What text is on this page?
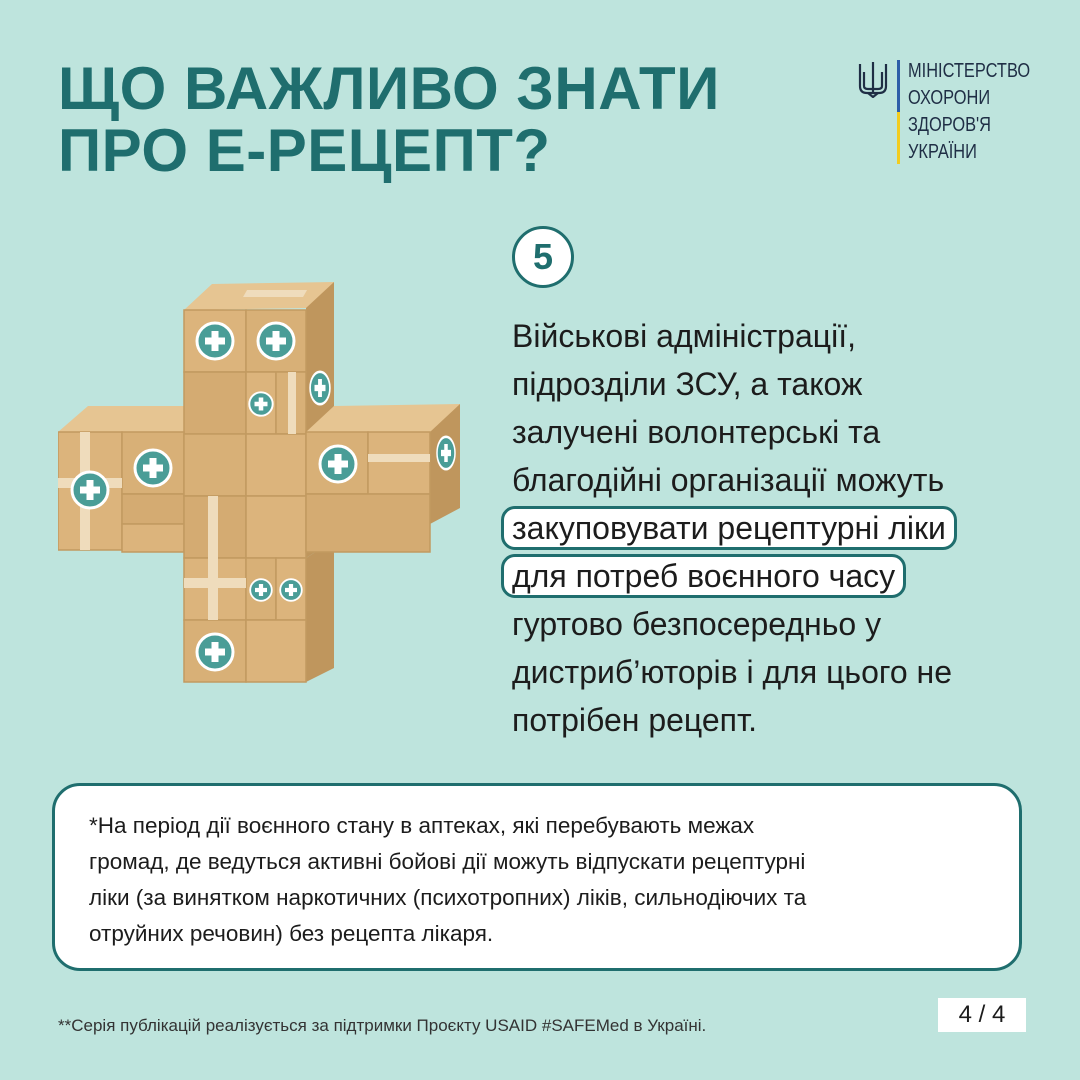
ЩО ВАЖЛИВО ЗНАТИ
ПРО Е-РЕЦЕПТ?
МІНІСТЕРСТВО
ОХОРОНИ
ЗДОРОВ'Я
УКРАЇНИ
5
Військові адміністрації,
підрозділи ЗСУ, а також
залучені волонтерські та
благодійні організації можуть
закуповувати рецептурні ліки
для потреб воєнного часу
гуртово безпосередньо у
дистриб’юторів і для цього не
потрібен рецепт.
*На період дії воєнного стану в аптеках, які перебувають межах
громад, де ведуться активні бойові дії можуть відпускати рецептурні
ліки (за винятком наркотичних (психотропних) ліків, сильнодіючих та
отруйних речовин) без рецепта лікаря.
**Серія публікацій реалізується за підтримки Проєкту USAID #SAFEMed в Україні.	4 / 4
